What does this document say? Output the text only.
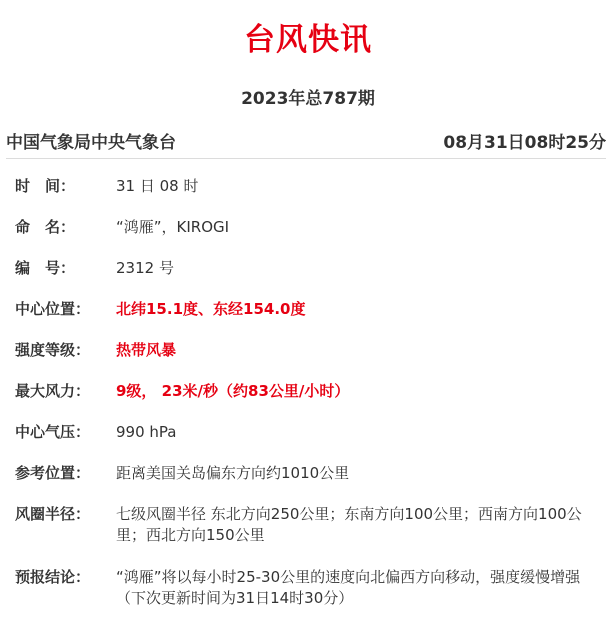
台风快讯
2023年总787期
中国气象局中央气象台	08月31日08时25分
时　间：	31 日 08 时
命　名：	“鸿雁”，KIROGI
编　号：	2312 号
中心位置：	北纬15.1度、东经154.0度
强度等级：	热带风暴
最大风力：	9级， 23米/秒（约83公里/小时）
中心气压：	990 hPa
参考位置：	距离美国关岛偏东方向约1010公里
风圈半径：	七级风圈半径 东北方向250公里；东南方向100公里；西南方向100公里；西北方向150公里
预报结论：	“鸿雁”将以每小时25-30公里的速度向北偏西方向移动，强度缓慢增强
（下次更新时间为31日14时30分）
